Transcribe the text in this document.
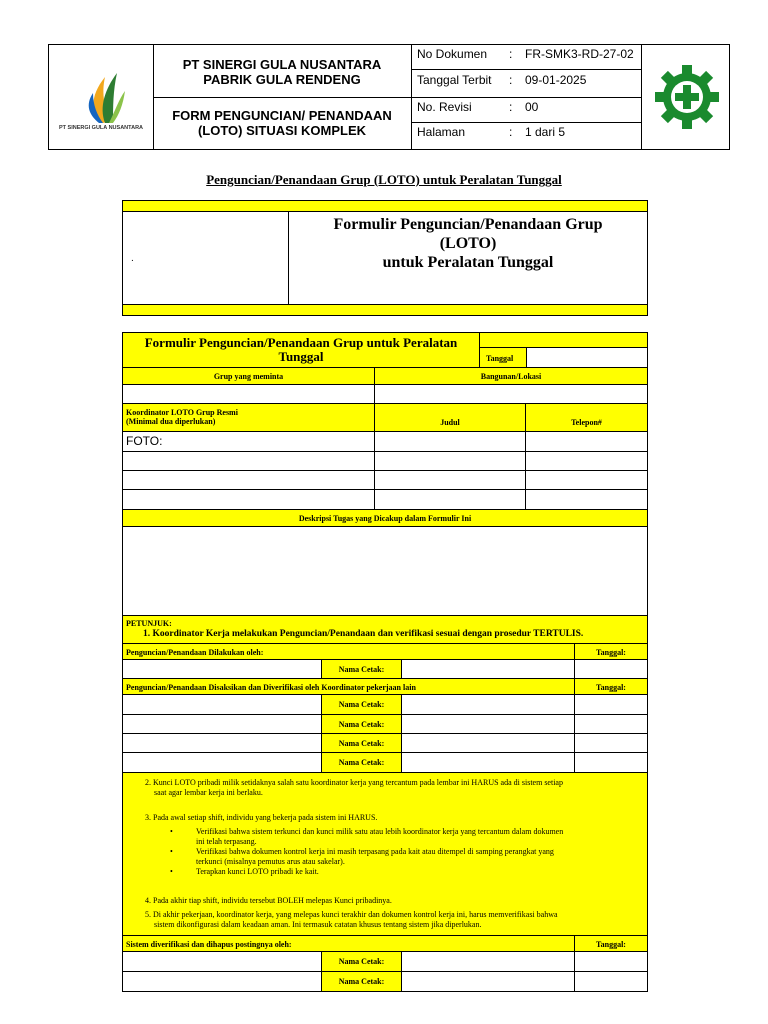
PT SINERGI GULA NUSANTARA
PT SINERGI GULA NUSANTARA
PABRIK GULA RENDENG
FORM PENGUNCIAN/ PENANDAAN
(LOTO) SITUASI KOMPLEK
No Dokumen : FR-SMK3-RD-27-02
Tanggal Terbit : 09-01-2025
No. Revisi	: 00
Halaman	: 1 dari 5
Penguncian/Penandaan Grup (LOTO) untuk Peralatan Tunggal
.
Formulir Penguncian/Penandaan Grup
(LOTO)
untuk Peralatan Tunggal
Formulir Penguncian/Penandaan Grup untuk Peralatan
Tunggal	Tanggal
Grup yang meminta	Bangunan/Lokasi
Koordinator LOTO Grup Resmi
(Minimal dua diperlukan)	Judul	Telepon#
FOTO:
Deskripsi Tugas yang Dicakup dalam Formulir Ini
PETUNJUK:
1. Koordinator Kerja melakukan Penguncian/Penandaan dan verifikasi sesuai dengan prosedur TERTULIS.
Penguncian/Penandaan Dilakukan oleh:	Tanggal:
Nama Cetak:
Penguncian/Penandaan Disaksikan dan Diverifikasi oleh Koordinator pekerjaan lain	Tanggal:
Nama Cetak:
Nama Cetak:
Nama Cetak:
Nama Cetak:
2. Kunci LOTO pribadi milik setidaknya salah satu koordinator kerja yang tercantum pada lembar ini HARUS ada di sistem setiap
saat agar lembar kerja ini berlaku.
3. Pada awal setiap shift, individu yang bekerja pada sistem ini HARUS.
•	Verifikasi bahwa sistem terkunci dan kunci milik satu atau lebih koordinator kerja yang tercantum dalam dokumen
ini telah terpasang.
•	Verifikasi bahwa dokumen kontrol kerja ini masih terpasang pada kait atau ditempel di samping perangkat yang
terkunci (misalnya pemutus arus atau sakelar).
•	Terapkan kunci LOTO pribadi ke kait.
4. Pada akhir tiap shift, individu tersebut BOLEH melepas Kunci pribadinya.
5. Di akhir pekerjaan, koordinator kerja, yang melepas kunci terakhir dan dokumen kontrol kerja ini, harus memverifikasi bahwa
sistem dikonfigurasi dalam keadaan aman. Ini termasuk catatan khusus tentang sistem jika diperlukan.
Sistem diverifikasi dan dihapus postingnya oleh:	Tanggal:
Nama Cetak:
Nama Cetak:
